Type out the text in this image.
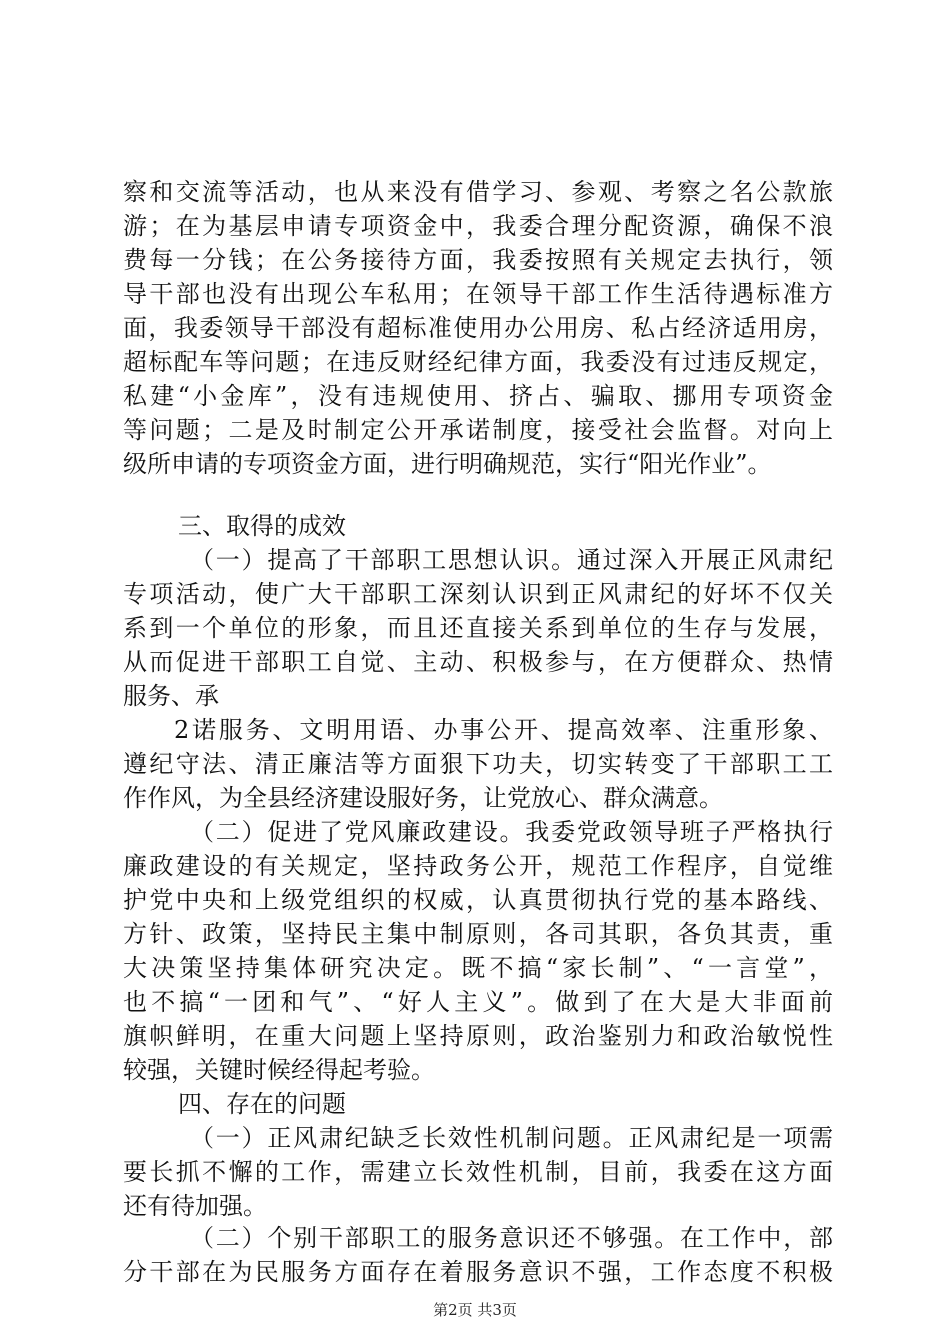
察和交流等活动，也从来没有借学习、参观、考察之名公款旅
游；在为基层申请专项资金中，我委合理分配资源，确保不浪
费每一分钱；在公务接待方面，我委按照有关规定去执行，领
导干部也没有出现公车私用；在领导干部工作生活待遇标准方
面，我委领导干部没有超标准使用办公用房、私占经济适用房，
超标配车等问题；在违反财经纪律方面，我委没有过违反规定，
私建“小金库”，没有违规使用、挤占、骗取、挪用专项资金
等问题；二是及时制定公开承诺制度，接受社会监督。对向上
级所申请的专项资金方面，进行明确规范，实行“阳光作业”。
三、取得的成效
（一）提高了干部职工思想认识。通过深入开展正风肃纪
专项活动，使广大干部职工深刻认识到正风肃纪的好坏不仅关
系到一个单位的形象，而且还直接关系到单位的生存与发展，
从而促进干部职工自觉、主动、积极参与，在方便群众、热情
服务、承
2诺服务、文明用语、办事公开、提高效率、注重形象、
遵纪守法、清正廉洁等方面狠下功夫，切实转变了干部职工工
作作风，为全县经济建设服好务，让党放心、群众满意。
（二）促进了党风廉政建设。我委党政领导班子严格执行
廉政建设的有关规定，坚持政务公开，规范工作程序，自觉维
护党中央和上级党组织的权威，认真贯彻执行党的基本路线、
方针、政策，坚持民主集中制原则，各司其职，各负其责，重
大决策坚持集体研究决定。既不搞“家长制”、“一言堂”，
也不搞“一团和气”、“好人主义”。做到了在大是大非面前
旗帜鲜明，在重大问题上坚持原则，政治鉴别力和政治敏悦性
较强，关键时候经得起考验。
四、存在的问题
（一）正风肃纪缺乏长效性机制问题。正风肃纪是一项需
要长抓不懈的工作，需建立长效性机制，目前，我委在这方面
还有待加强。
（二）个别干部职工的服务意识还不够强。在工作中，部
分干部在为民服务方面存在着服务意识不强，工作态度不积极
第2页 共3页
